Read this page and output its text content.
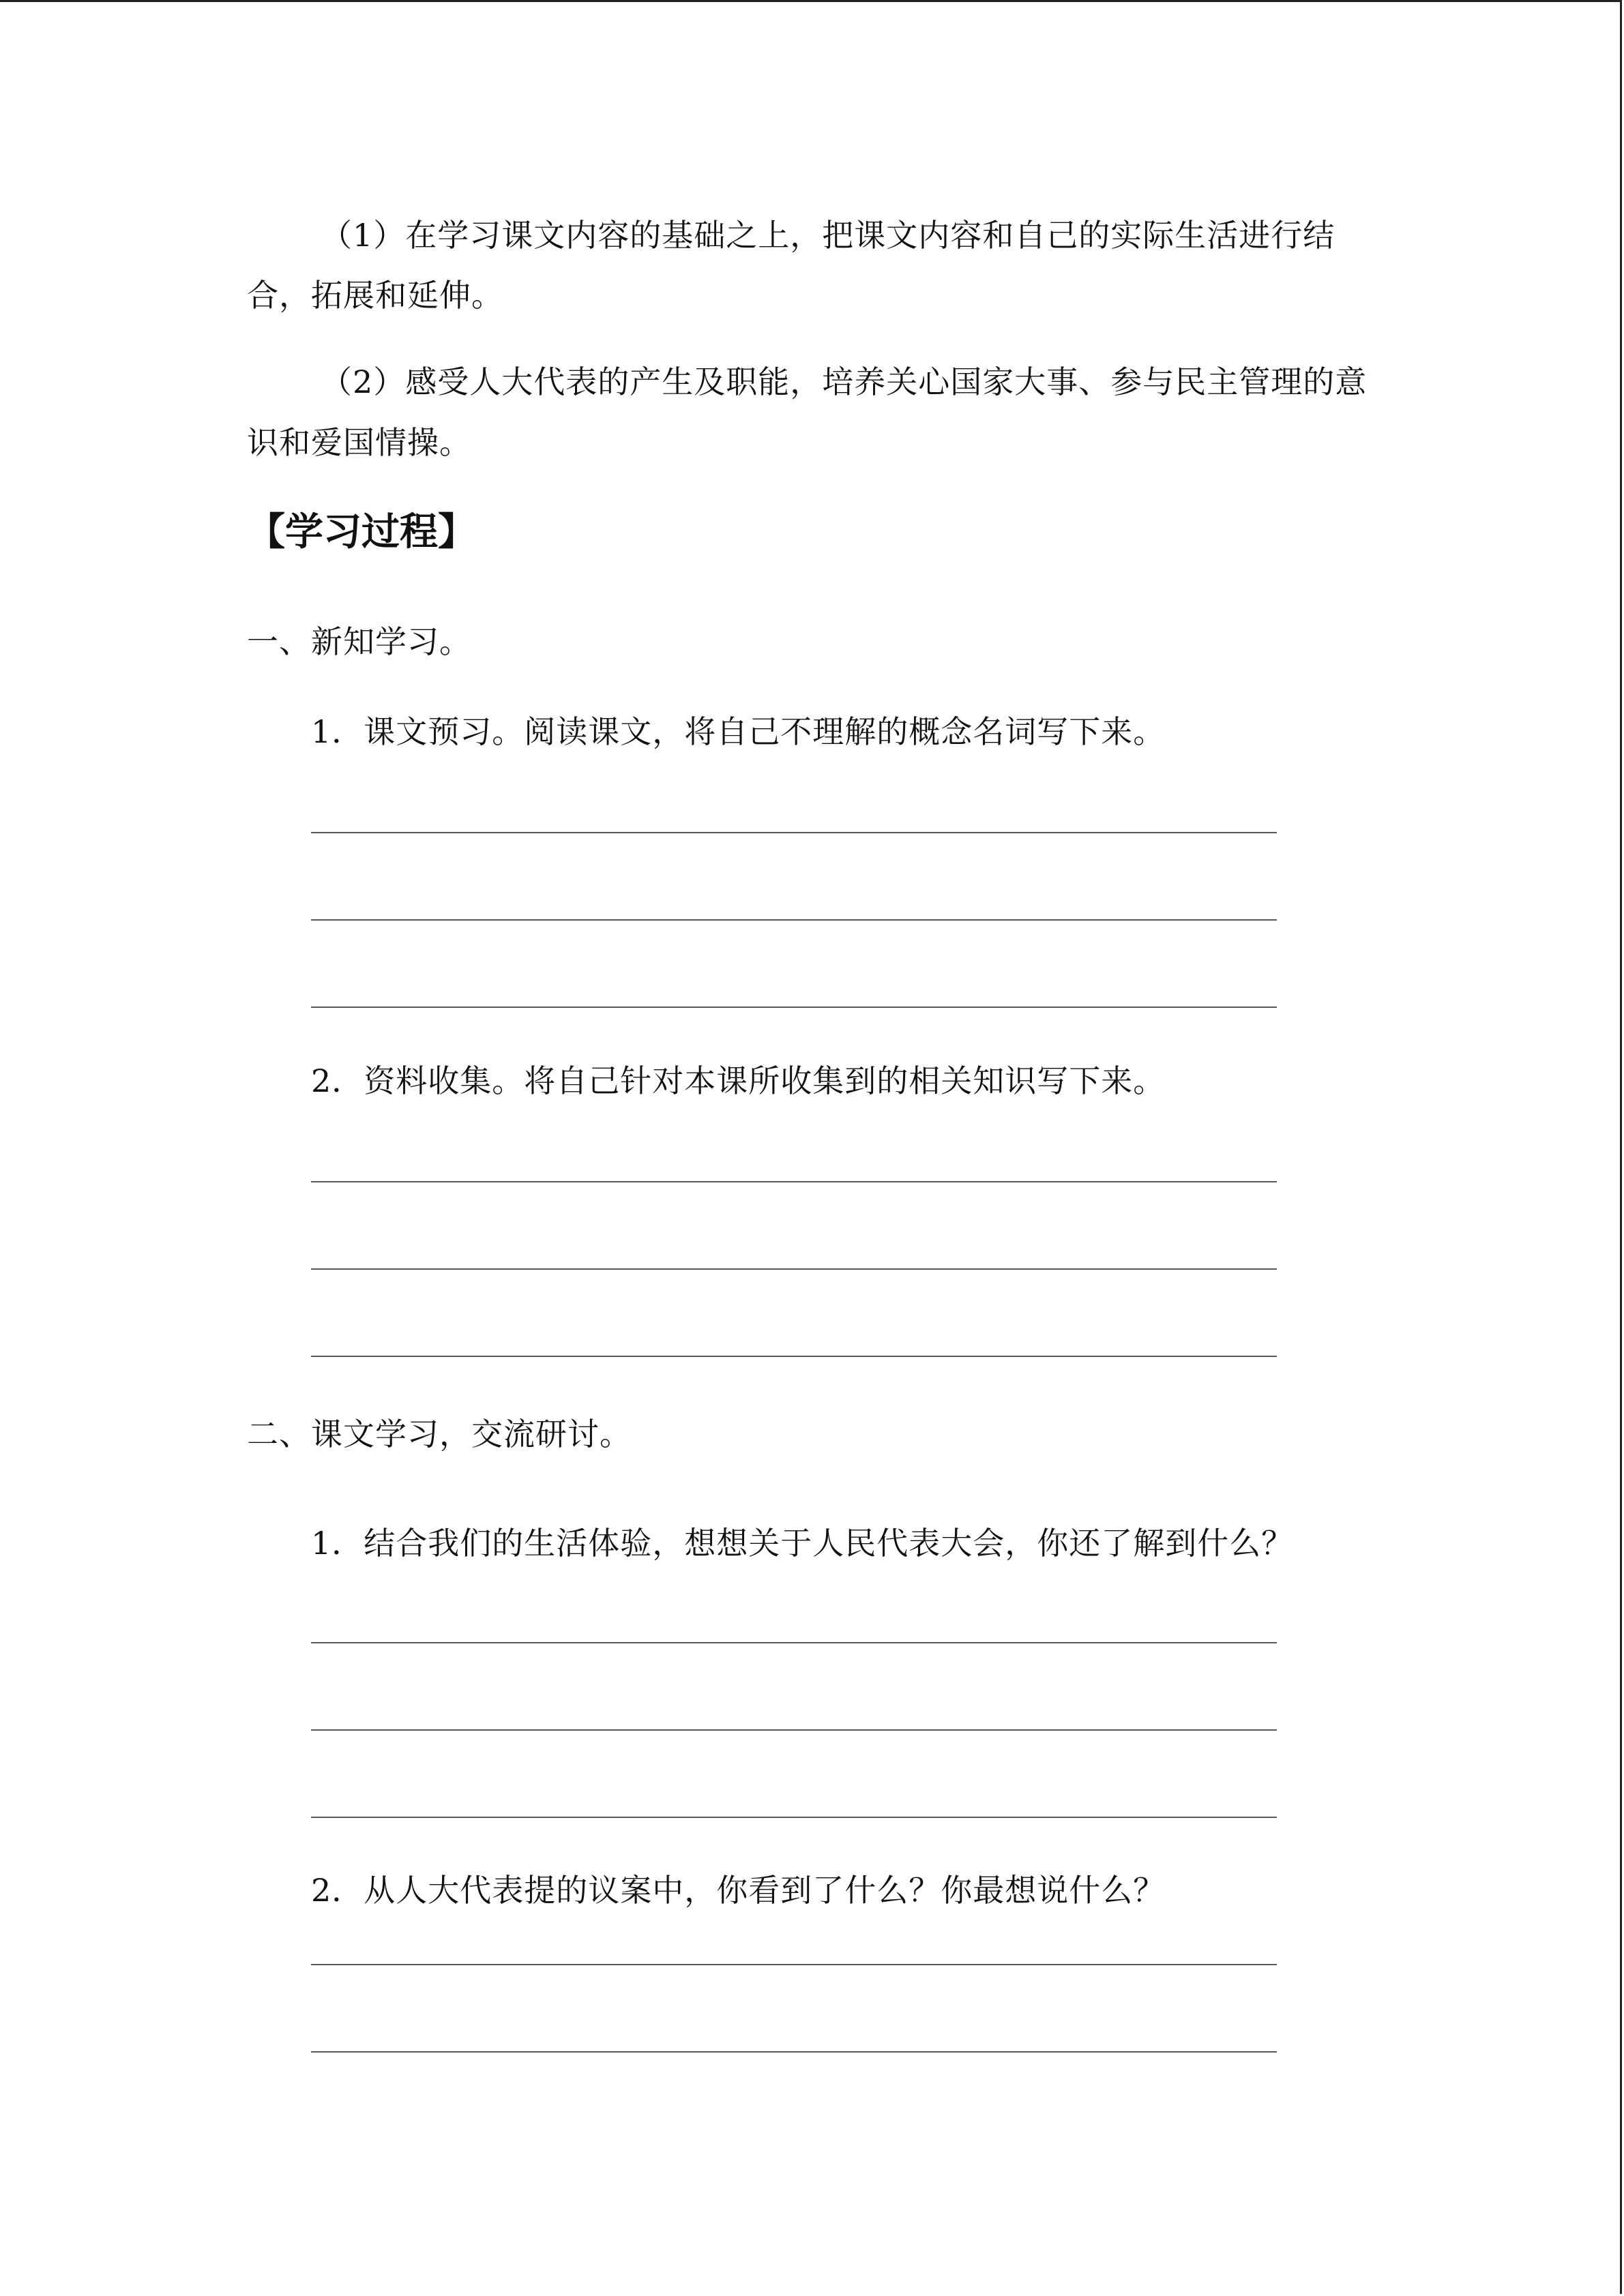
（1）在学习课文内容的基础之上，把课文内容和自己的实际生活进行结
合，拓展和延伸。
（2）感受人大代表的产生及职能，培养关心国家大事、参与民主管理的意
识和爱国情操。
【学习过程】
一、新知学习。
1．课文预习。阅读课文，将自己不理解的概念名词写下来。
2．资料收集。将自己针对本课所收集到的相关知识写下来。
二、课文学习，交流研讨。
1．结合我们的生活体验，想想关于人民代表大会，你还了解到什么？
2．从人大代表提的议案中，你看到了什么？你最想说什么？
